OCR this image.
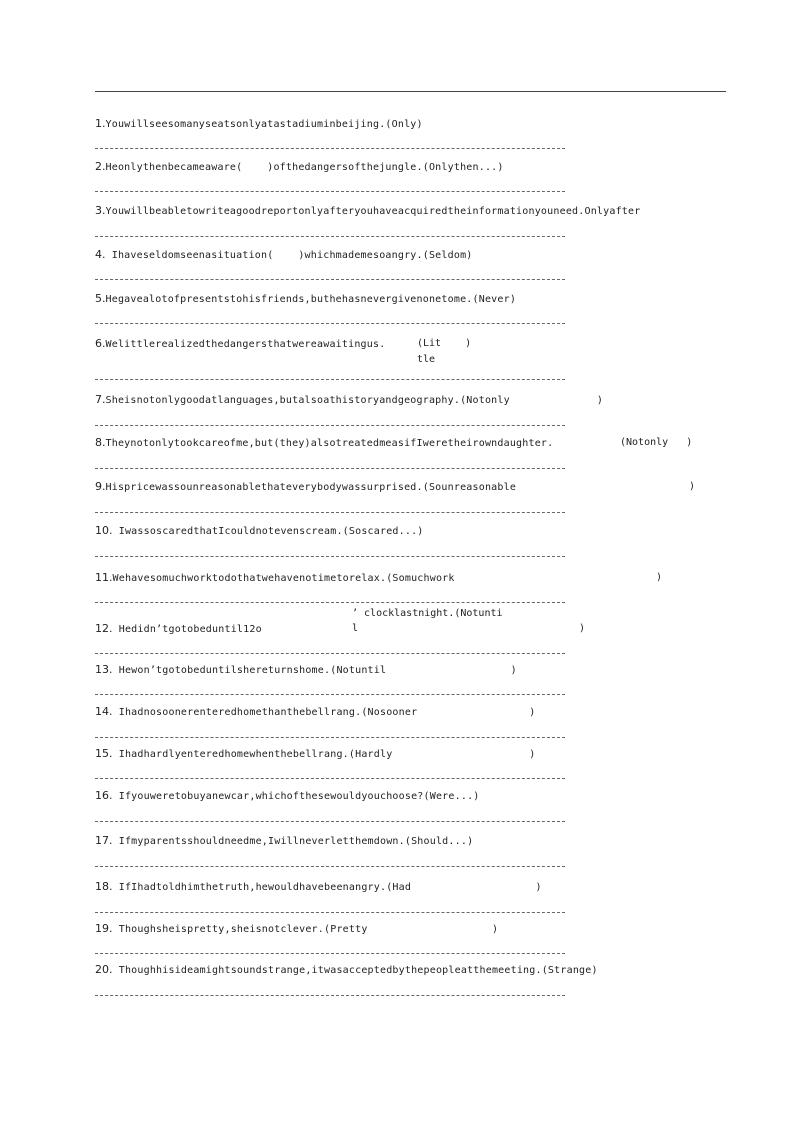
1.Youwillseesomanyseatsonlyatastadiuminbeijing.(Only)
2.Heonlythenbecameaware(    )ofthedangersofthejungle.(Onlythen...)
3.Youwillbeabletowriteagoodreportonlyafteryouhaveacquiredtheinformationyouneed.Onlyafter
4. Ihaveseldomseenasituation(    )whichmademesoangry.(Seldom)
5.Hegavealotofpresentstohisfriends,buthehasnevergivenonetome.(Never)
6.Welittlerealizedthedangersthatwereawaitingus.	(Lit    )
tle
7.Sheisnotonlygoodatlanguages,butalsoathistoryandgeography.(Notonly              )
8.Theynotonlytookcareofme,but(they)alsotreatedmeasifIweretheirowndaughter.	(Notonly   )
9.Hispricewassounreasonablethateverybodywassurprised.(Sounreasonable	)
10. IwassoscaredthatIcouldnotevenscream.(Soscared...)
11.Wehavesomuchworktodothatwehavenotimetorelax.(Somuchwork	)
’ clocklastnight.(Notunti
12. Hedidn’tgotobeduntil12o	l	)
13. Hewon’tgotobeduntilshereturnshome.(Notuntil                    )
14. Ihadnosoonerenteredhomethanthebellrang.(Nosooner                  )
15. Ihadhardlyenteredhomewhenthebellrang.(Hardly                      )
16. Ifyouweretobuyanewcar,whichofthesewouldyouchoose?(Were...)
17. Ifmyparentsshouldneedme,Iwillneverletthemdown.(Should...)
18. IfIhadtoldhimthetruth,hewouldhavebeenangry.(Had                    )
19. Thoughsheispretty,sheisnotclever.(Pretty                    )
20. Thoughhisideamightsoundstrange,itwasacceptedbythepeopleatthemeeting.(Strange)
